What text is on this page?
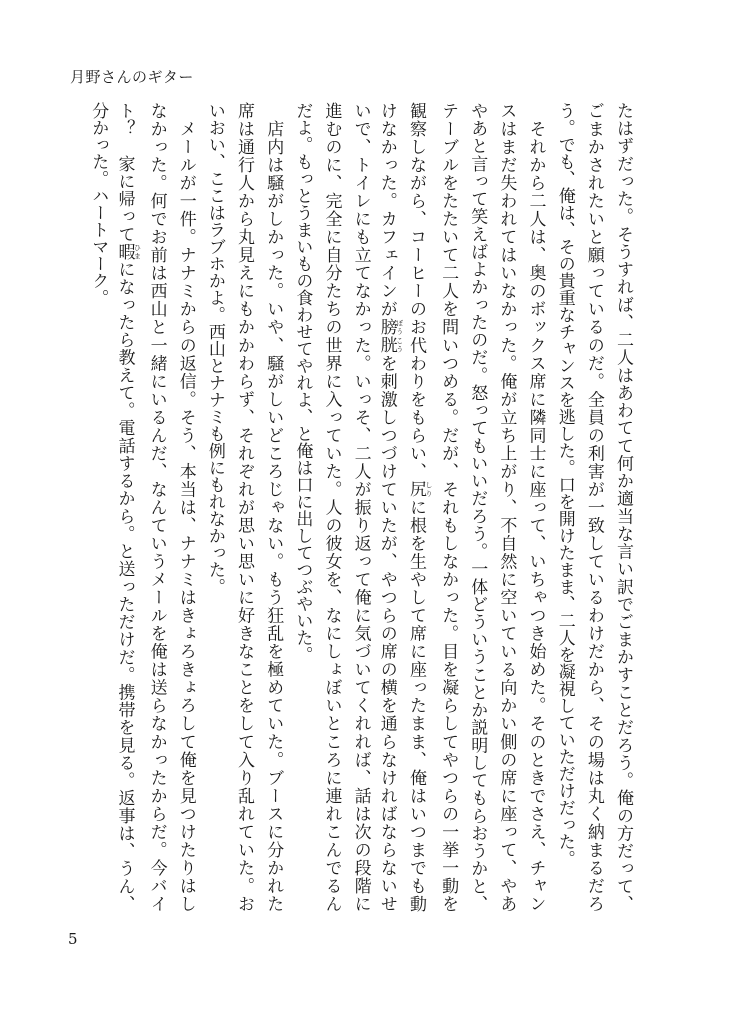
月野さんのギター
たはずだった。そうすれば、二人はあわてて何か適当な言い訳でごまかすことだろう。俺の方だって、
ごまかされたいと願っているのだ。全員の利害が一致しているわけだから、その場は丸く納まるだろ
う。でも、俺は、その貴重なチャンスを逃した。口を開けたまま、二人を凝視していただけだった。
　それから二人は、奥のボックス席に隣同士に座って、いちゃつき始めた。そのときでさえ、チャン
スはまだ失われてはいなかった。俺が立ち上がり、不自然に空いている向かい側の席に座って、やあ
やあと言って笑えばよかったのだ。怒ってもいいだろう。一体どういうことか説明してもらおうかと、
テーブルをたたいて二人を問いつめる。だが、それもしなかった。目を凝らしてやつらの一挙一動を
観察しながら、コーヒーのお代わりをもらい、尻 しりに根を生やして席に座ったまま、俺はいつまでも動
けなかった。カフェインが膀胱 ぼうこうを刺激しつづけていたが、やつらの席の横を通らなければならないせ
いで、トイレにも立てなかった。いっそ、二人が振り返って俺に気づいてくれれば、話は次の段階に
進むのに、完全に自分たちの世界に入っていた。人の彼女を、なにしょぼいところに連れこんでるん
だよ。もっとうまいもの食わせてやれよ、と俺は口に出してつぶやいた。
　店内は騒がしかった。いや、騒がしいどころじゃない。もう狂乱を極めていた。ブースに分かれた
席は通行人から丸見えにもかかわらず、それぞれが思い思いに好きなことをして入り乱れていた。お
いおい、ここはラブホかよ。西山とナナミも例にもれなかった。
　メールが一件。ナナミからの返信。そう、本当は、ナナミはきょろきょろして俺を見つけたりはし
なかった。何でお前は西山と一緒にいるんだ、なんていうメールを俺は送らなかったからだ。今バイ
ト？　家に帰って暇 ひまになったら教えて。電話するから。と送っただけだ。携帯を見る。返事は、うん、
分かった。ハートマーク。
5
